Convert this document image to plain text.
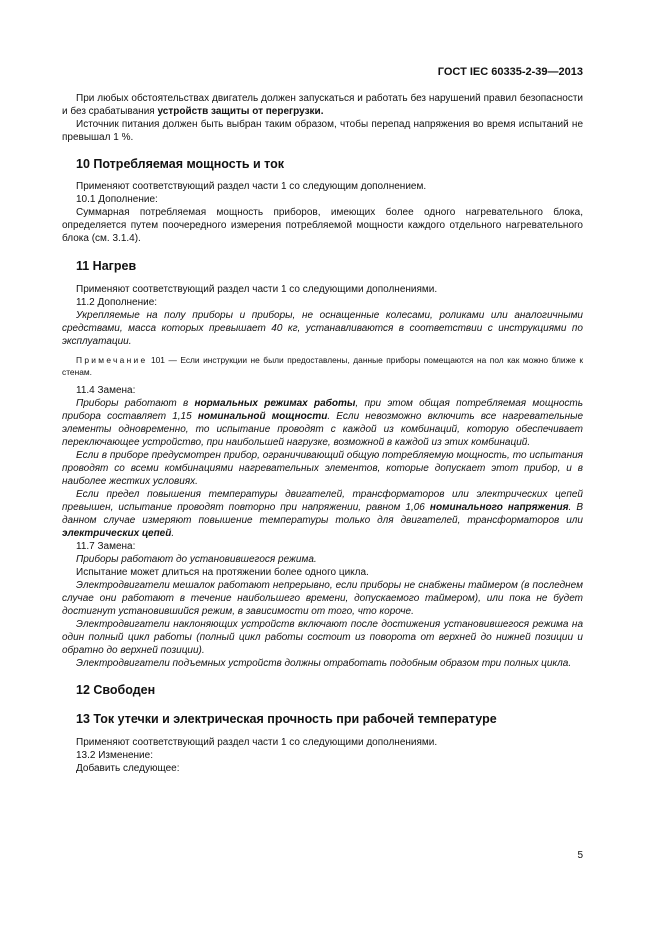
ГОСТ IEC 60335-2-39—2013

При любых обстоятельствах двигатель должен запускаться и работать без нарушений правил безопасности и без срабатывания устройств защиты от перегрузки.

Источник питания должен быть выбран таким образом, чтобы перепад напряжения во время испытаний не превышал 1 %.

10 Потребляемая мощность и ток

Применяют соответствующий раздел части 1 со следующим дополнением.

10.1 Дополнение:

Суммарная потребляемая мощность приборов, имеющих более одного нагревательного блока, определяется путем поочередного измерения потребляемой мощности каждого отдельного нагревательного блока (см. 3.1.4).

11 Нагрев

Применяют соответствующий раздел части 1 со следующими дополнениями.

11.2 Дополнение:

Укрепляемые на полу приборы и приборы, не оснащенные колесами, роликами или аналогичными средствами, масса которых превышает 40 кг, устанавливаются в соответствии с инструкциями по эксплуатации.

Примечание 101 — Если инструкции не были предоставлены, данные приборы помещаются на пол как можно ближе к стенам.

11.4 Замена:

Приборы работают в нормальных режимах работы, при этом общая потребляемая мощность прибора составляет 1,15 номинальной мощности. Если невозможно включить все нагревательные элементы одновременно, то испытание проводят с каждой из комбинаций, которую обеспечивает переключающее устройство, при наибольшей нагрузке, возможной в каждой из этих комбинаций.

Если в приборе предусмотрен прибор, ограничивающий общую потребляемую мощность, то испытания проводят со всеми комбинациями нагревательных элементов, которые допускает этот прибор, и в наиболее жестких условиях.

Если предел повышения температуры двигателей, трансформаторов или электрических цепей превышен, испытание проводят повторно при напряжении, равном 1,06 номинального напряжения. В данном случае измеряют повышение температуры только для двигателей, трансформаторов или электрических цепей.

11.7 Замена:

Приборы работают до установившегося режима.

Испытание может длиться на протяжении более одного цикла.

Электродвигатели мешалок работают непрерывно, если приборы не снабжены таймером (в последнем случае они работают в течение наибольшего времени, допускаемого таймером), или пока не будет достигнут установившийся режим, в зависимости от того, что короче.

Электродвигатели наклоняющих устройств включают после достижения установившегося режима на один полный цикл работы (полный цикл работы состоит из поворота от верхней до нижней позиции и обратно до верхней позиции).

Электродвигатели подъемных устройств должны отработать подобным образом три полных цикла.

12 Свободен
13 Ток утечки и электрическая прочность при рабочей температуре

Применяют соответствующий раздел части 1 со следующими дополнениями.

13.2 Изменение:

Добавить следующее:

5
